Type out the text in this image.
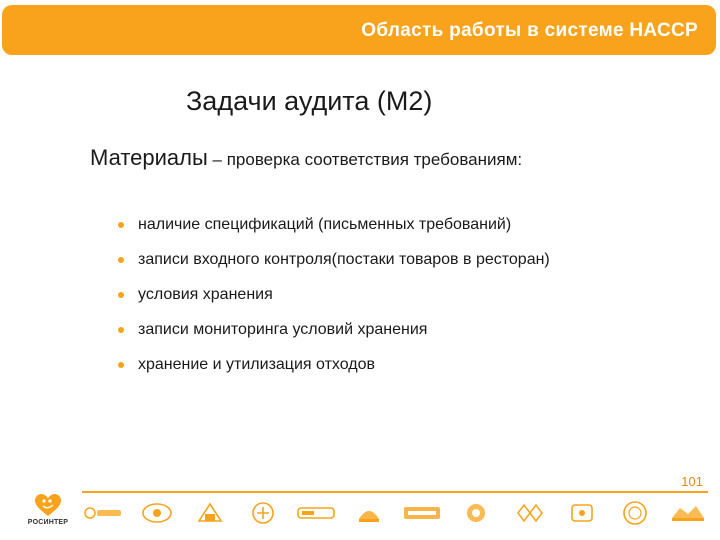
Область работы в системе НАССР
Задачи аудита (М2)
Материалы – проверка соответствия требованиям:
наличие спецификаций (письменных требований)
записи входного контроля(постаки товаров в ресторан)
условия хранения
записи мониторинга условий хранения
хранение и утилизация отходов
101
РОСИНТЕР
